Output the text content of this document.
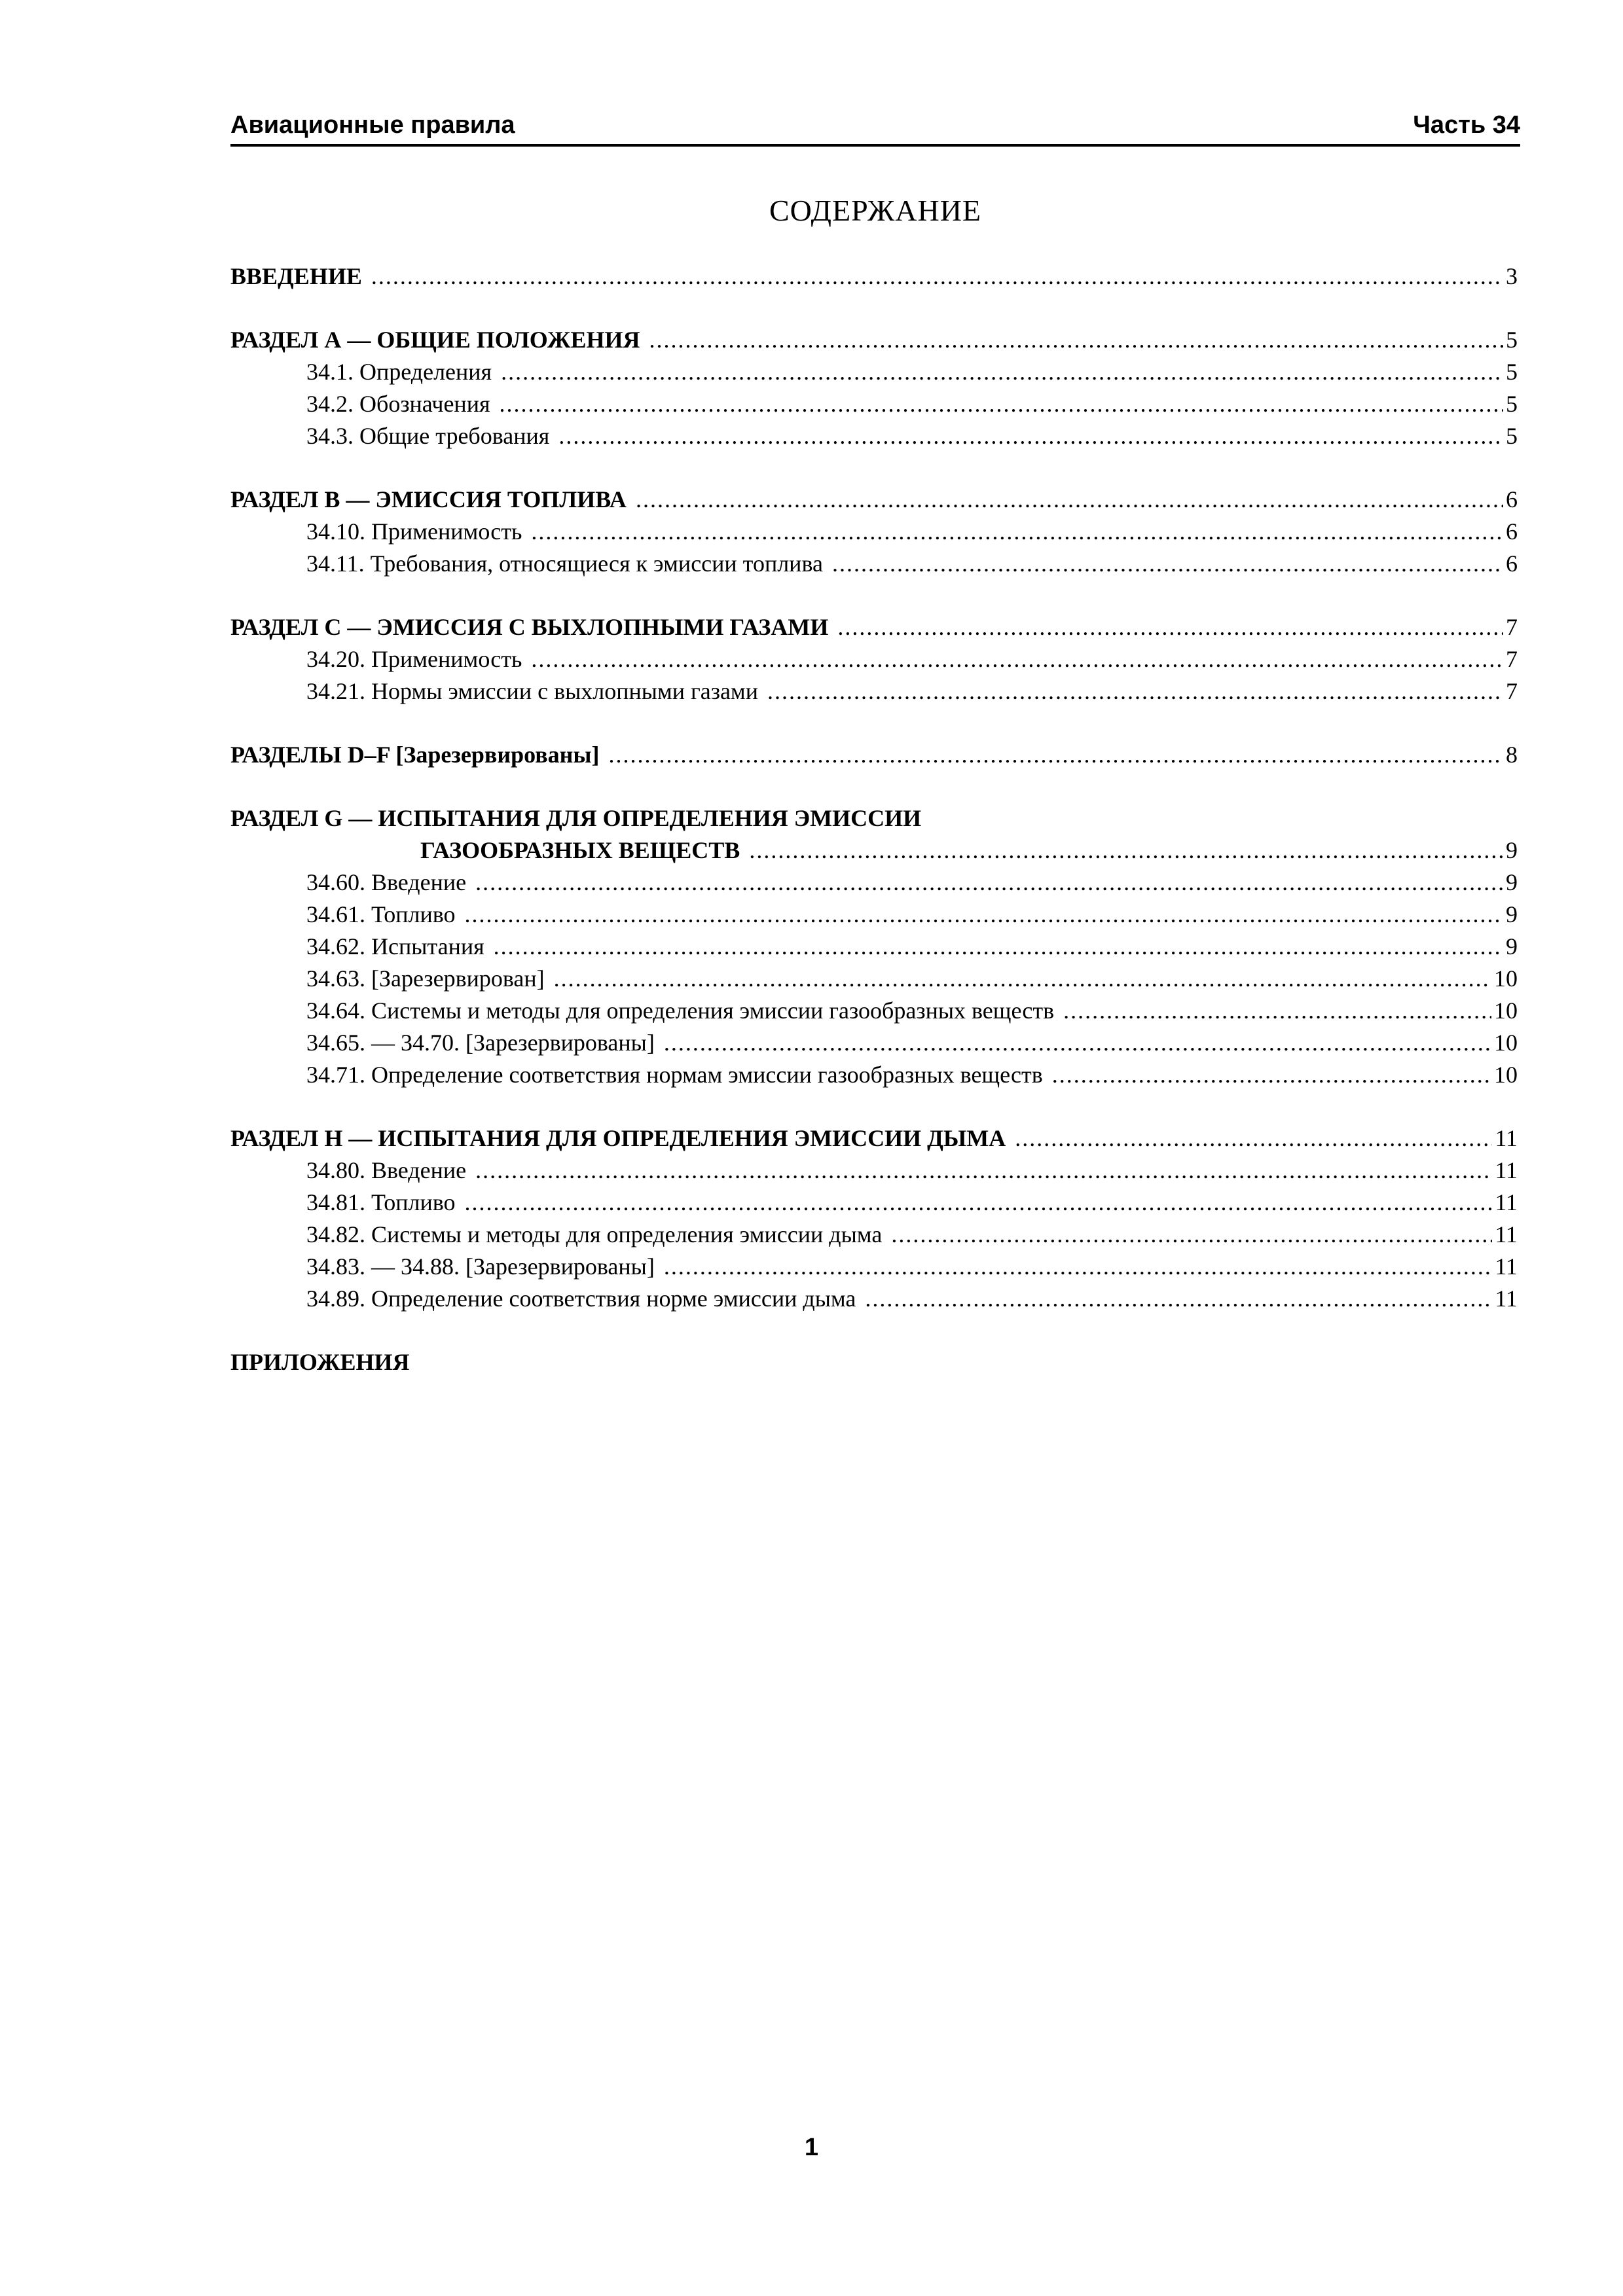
Авиационные правила	Часть 34
СОДЕРЖАНИЕ
ВВЕДЕНИЕ .....	3
РАЗДЕЛ А — ОБЩИЕ ПОЛОЖЕНИЯ .....	5
34.1. Определения .....	5
34.2. Обозначения .....	5
34.3. Общие требования .....	5
РАЗДЕЛ В — ЭМИССИЯ ТОПЛИВА .....	6
34.10. Применимость .....	6
34.11. Требования, относящиеся к эмиссии топлива .....	6
РАЗДЕЛ С — ЭМИССИЯ С ВЫХЛОПНЫМИ ГАЗАМИ .....	7
34.20. Применимость .....	7
34.21. Нормы эмиссии с выхлопными газами .....	7
РАЗДЕЛЫ D–F [Зарезервированы] .....	8
РАЗДЕЛ G — ИСПЫТАНИЯ ДЛЯ ОПРЕДЕЛЕНИЯ ЭМИССИИ
ГАЗООБРАЗНЫХ ВЕЩЕСТВ .....	9
34.60. Введение .....	9
34.61. Топливо .....	9
34.62. Испытания .....	9
34.63. [Зарезервирован] .....	10
34.64. Системы и методы для определения эмиссии газообразных веществ .....	10
34.65. — 34.70. [Зарезервированы] .....	10
34.71. Определение соответствия нормам эмиссии газообразных веществ .....	10
РАЗДЕЛ Н — ИСПЫТАНИЯ ДЛЯ ОПРЕДЕЛЕНИЯ ЭМИССИИ ДЫМА .....	11
34.80. Введение .....	11
34.81. Топливо .....	11
34.82. Системы и методы для определения эмиссии дыма .....	11
34.83. — 34.88. [Зарезервированы] .....	11
34.89. Определение соответствия норме эмиссии дыма .....	11
ПРИЛОЖЕНИЯ
1
